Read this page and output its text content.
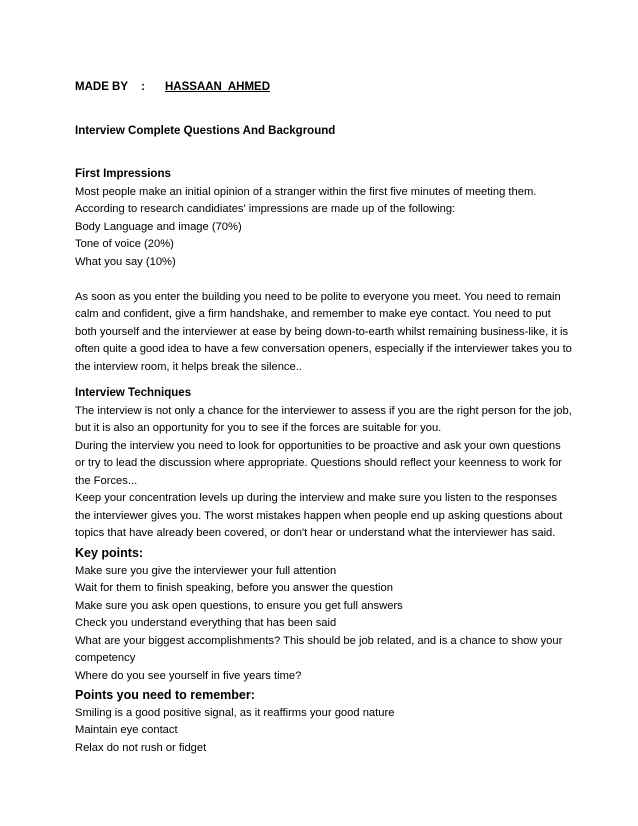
MADE BY : HASSAAN  AHMED
Interview Complete Questions And Background
First Impressions
Most people make an initial opinion of a stranger within the first five minutes of meeting them.
According to research candidiates' impressions are made up of the following:
Body Language and image (70%)
Tone of voice (20%)
What you say (10%)
As soon as you enter the building you need to be polite to everyone you meet. You need to remain
calm and confident, give a firm handshake, and remember to make eye contact. You need to put
both yourself and the interviewer at ease by being down-to-earth whilst remaining business-like, it is
often quite a good idea to have a few conversation openers, especially if the interviewer takes you to
the interview room, it helps break the silence..
Interview Techniques
The interview is not only a chance for the interviewer to assess if you are the right person for the job,
but it is also an opportunity for you to see if the forces are suitable for you.
During the interview you need to look for opportunities to be proactive and ask your own questions
or try to lead the discussion where appropriate. Questions should reflect your keenness to work for
the Forces...
Keep your concentration levels up during the interview and make sure you listen to the responses
the interviewer gives you. The worst mistakes happen when people end up asking questions about
topics that have already been covered, or don't hear or understand what the interviewer has said.
Key points:
Make sure you give the interviewer your full attention
Wait for them to finish speaking, before you answer the question
Make sure you ask open questions, to ensure you get full answers
Check you understand everything that has been said
What are your biggest accomplishments? This should be job related, and is a chance to show your
competency
Where do you see yourself in five years time?
Points you need to remember:
Smiling is a good positive signal, as it reaffirms your good nature
Maintain eye contact
Relax do not rush or fidget
